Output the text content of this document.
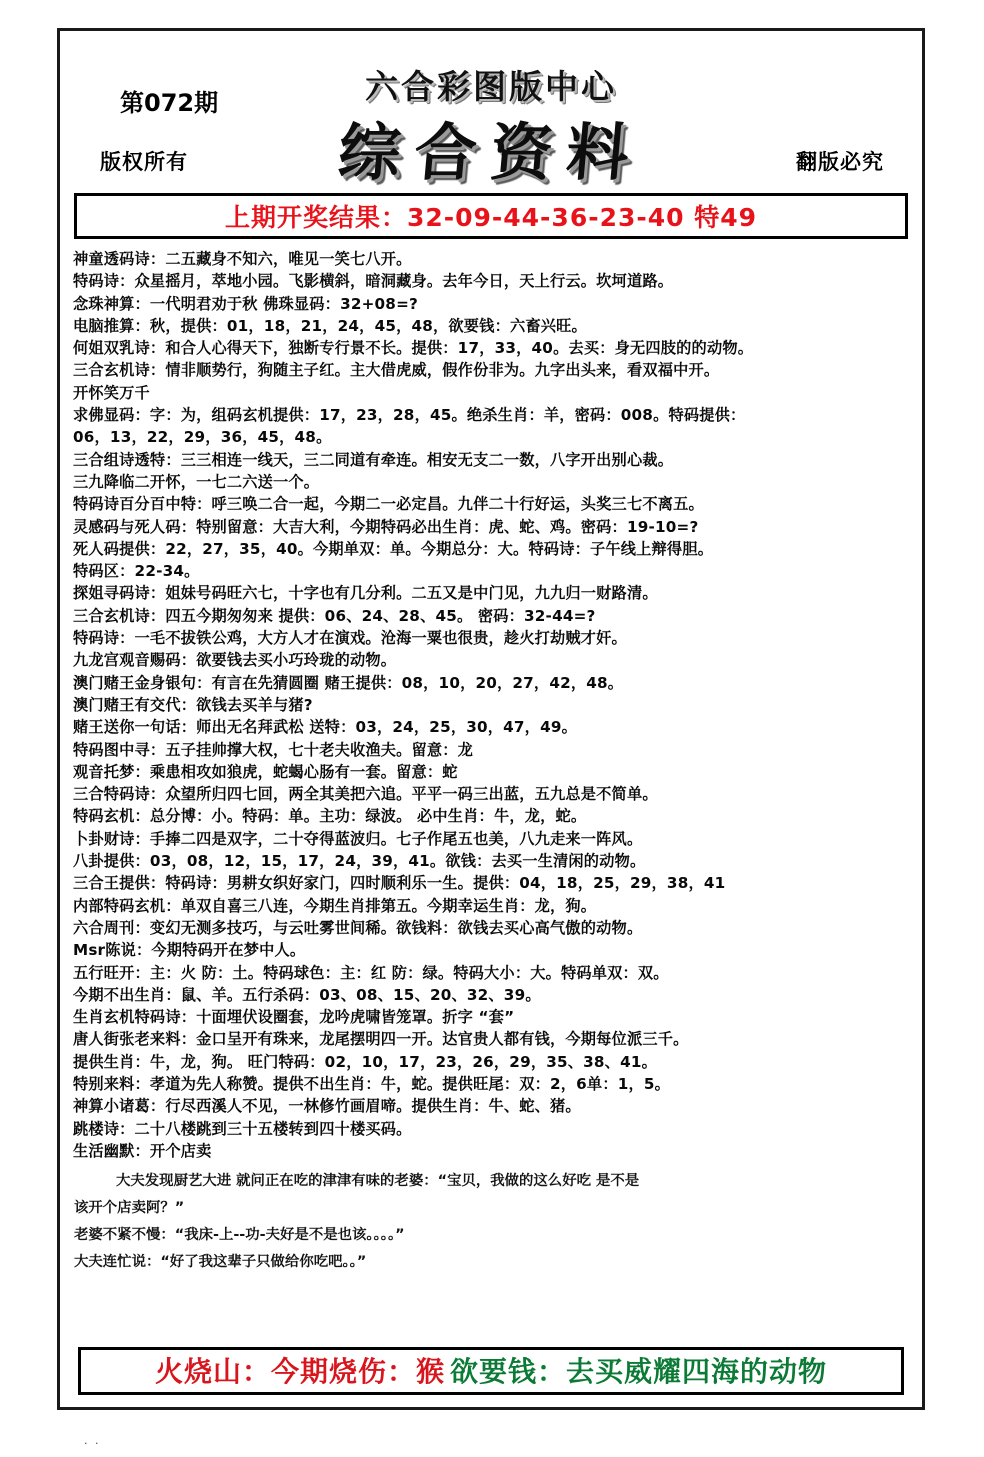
第072期	六合彩图版中心
综合资料
版权所有	翻版必究
上期开奖结果：32-09-44-36-23-40 特49
神童透码诗：二五藏身不知六，唯见一笑七八开。
特码诗：众星摇月，萃地小园。飞影横斜，暗洞藏身。去年今日，天上行云。坎坷道路。
念珠神算：一代明君劝于秋 佛珠显码：32+08=?
电脑推算：秋，提供：01，18，21，24，45，48，欲要钱：六畜兴旺。
何姐双乳诗：和合人心得天下，独断专行景不长。提供：17，33，40。去买：身无四肢的的动物。
三合玄机诗：情非顺势行，狗随主子红。主大借虎威，假作份非为。九字出头来，看双福中开。
开怀笑万千
求佛显码：字：为，组码玄机提供：17，23，28，45。绝杀生肖：羊，密码：008。特码提供：
06，13，22，29，36，45，48。
三合组诗透特：三三相连一线天，三二同道有牵连。相安无支二一数，八字开出别心裁。
三九降临二开怀，一七二六送一个。
特码诗百分百中特：呼三唤二合一起，今期二一必定昌。九伴二十行好运，头奖三七不离五。
灵感码与死人码：特别留意：大吉大利，今期特码必出生肖：虎、蛇、鸡。密码：19-10=?
死人码提供：22，27，35，40。今期单双：单。今期总分：大。特码诗：子午线上辩得胆。
特码区：22-34。
探姐寻码诗：姐妹号码旺六七，十字也有几分利。二五又是中门见，九九归一财路清。
三合玄机诗：四五今期匆匆来 提供：06、24、28、45。 密码：32-44=?
特码诗：一毛不拔铁公鸡，大方人才在演戏。沧海一粟也很贵，趁火打劫贼才奸。
九龙宫观音赐码：欲要钱去买小巧玲珑的动物。
澳门赌王金身银句：有言在先猜圆圈 赌王提供：08，10，20，27，42，48。
澳门赌王有交代：欲钱去买羊与猪?
赌王送你一句话：师出无名拜武松 送特：03，24，25，30，47，49。
特码图中寻：五子挂帅撑大权，七十老夫收渔夫。留意：龙
观音托梦：乘患相攻如狼虎，蛇蝎心肠有一套。留意：蛇
三合特码诗：众望所归四七回，两全其美把六追。平平一码三出蓝，五九总是不简单。
特码玄机：总分博：小。特码：单。主功：绿波。 必中生肖：牛，龙，蛇。
卜卦财诗：手捧二四是双字，二十夺得蓝波归。七子作尾五也美，八九走来一阵风。
八卦提供：03，08，12，15，17，24，39，41。欲钱：去买一生清闲的动物。
三合王提供：特码诗：男耕女织好家门，四时顺利乐一生。提供：04，18，25，29，38，41
内部特码玄机：单双自喜三八连，今期生肖排第五。今期幸运生肖：龙，狗。
六合周刊：变幻无测多技巧，与云吐雾世间稀。欲钱料：欲钱去买心高气傲的动物。
Msr陈说：今期特码开在梦中人。
五行旺开：主：火 防：土。特码球色：主：红 防：绿。特码大小：大。特码单双：双。
今期不出生肖：鼠、羊。五行杀码：03、08、15、20、32、39。
生肖玄机特码诗：十面埋伏设圈套，龙吟虎啸皆笼罩。折字 “套”
唐人街张老来料：金口呈开有珠来，龙尾摆明四一开。达官贵人都有钱，今期每位派三千。
提供生肖：牛，龙，狗。 旺门特码：02，10，17，23，26，29，35、38、41。
特别来料：孝道为先人称赞。提供不出生肖：牛，蛇。提供旺尾：双：2，6单：1，5。
神算小诸葛：行尽西溪人不见，一林修竹画眉啼。提供生肖：牛、蛇、猪。
跳楼诗：二十八楼跳到三十五楼转到四十楼买码。
生活幽默：开个店卖
大夫发现厨艺大进 就问正在吃的津津有味的老婆：“宝贝，我做的这么好吃 是不是
该开个店卖阿？”
老婆不紧不慢：“我床-上--功-夫好是不是也该。。。。”
大夫连忙说：“好了我这辈子只做给你吃吧。。”
火烧山：今期烧伤：猴 欲要钱：去买威耀四海的动物
. .
